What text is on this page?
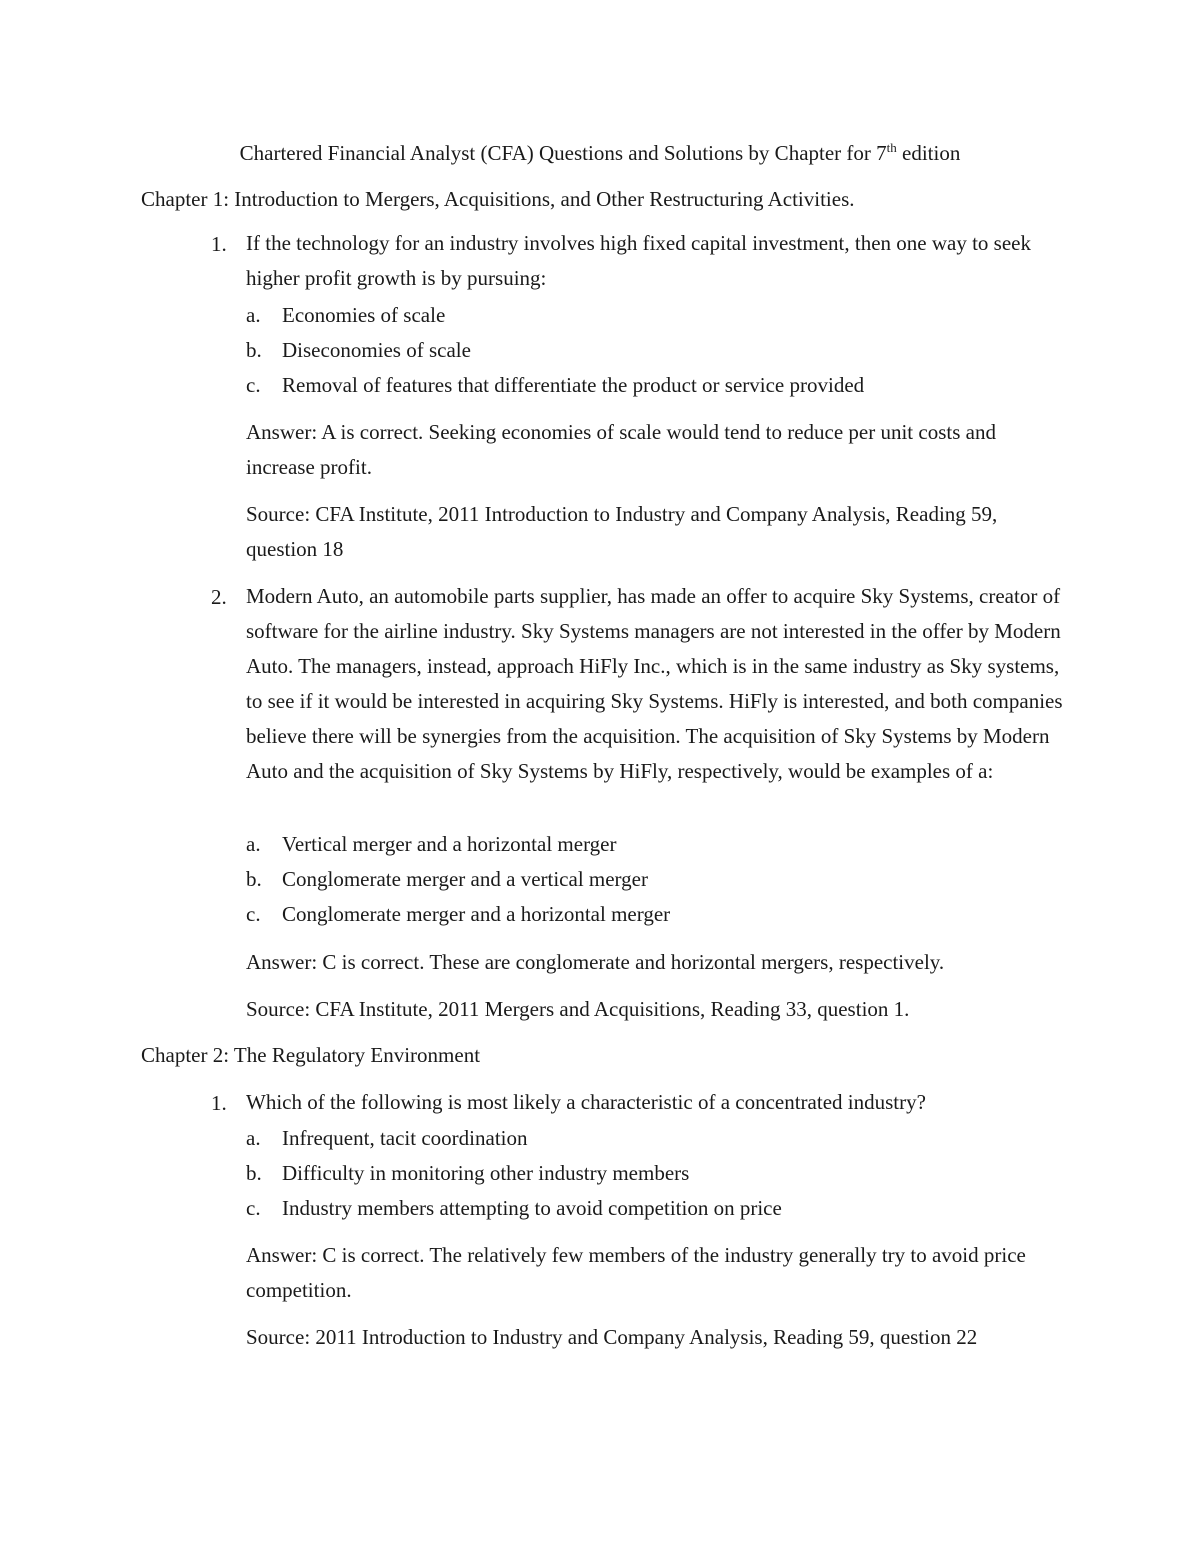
Chartered Financial Analyst (CFA) Questions and Solutions by Chapter for 7th edition
Chapter 1: Introduction to Mergers, Acquisitions, and Other Restructuring Activities.
1. If the technology for an industry involves high fixed capital investment, then one way to seek higher profit growth is by pursuing:
a. Economies of scale
b. Diseconomies of scale
c. Removal of features that differentiate the product or service provided
Answer: A is correct. Seeking economies of scale would tend to reduce per unit costs and increase profit.
Source: CFA Institute, 2011 Introduction to Industry and Company Analysis, Reading 59, question 18
2. Modern Auto, an automobile parts supplier, has made an offer to acquire Sky Systems, creator of software for the airline industry. Sky Systems managers are not interested in the offer by Modern Auto. The managers, instead, approach HiFly Inc., which is in the same industry as Sky systems, to see if it would be interested in acquiring Sky Systems. HiFly is interested, and both companies believe there will be synergies from the acquisition. The acquisition of Sky Systems by Modern Auto and the acquisition of Sky Systems by HiFly, respectively, would be examples of a:
a. Vertical merger and a horizontal merger
b. Conglomerate merger and a vertical merger
c. Conglomerate merger and a horizontal merger
Answer: C is correct. These are conglomerate and horizontal mergers, respectively.
Source: CFA Institute, 2011 Mergers and Acquisitions, Reading 33, question 1.
Chapter 2: The Regulatory Environment
1. Which of the following is most likely a characteristic of a concentrated industry?
a. Infrequent, tacit coordination
b. Difficulty in monitoring other industry members
c. Industry members attempting to avoid competition on price
Answer: C is correct. The relatively few members of the industry generally try to avoid price competition.
Source: 2011 Introduction to Industry and Company Analysis, Reading 59, question 22
